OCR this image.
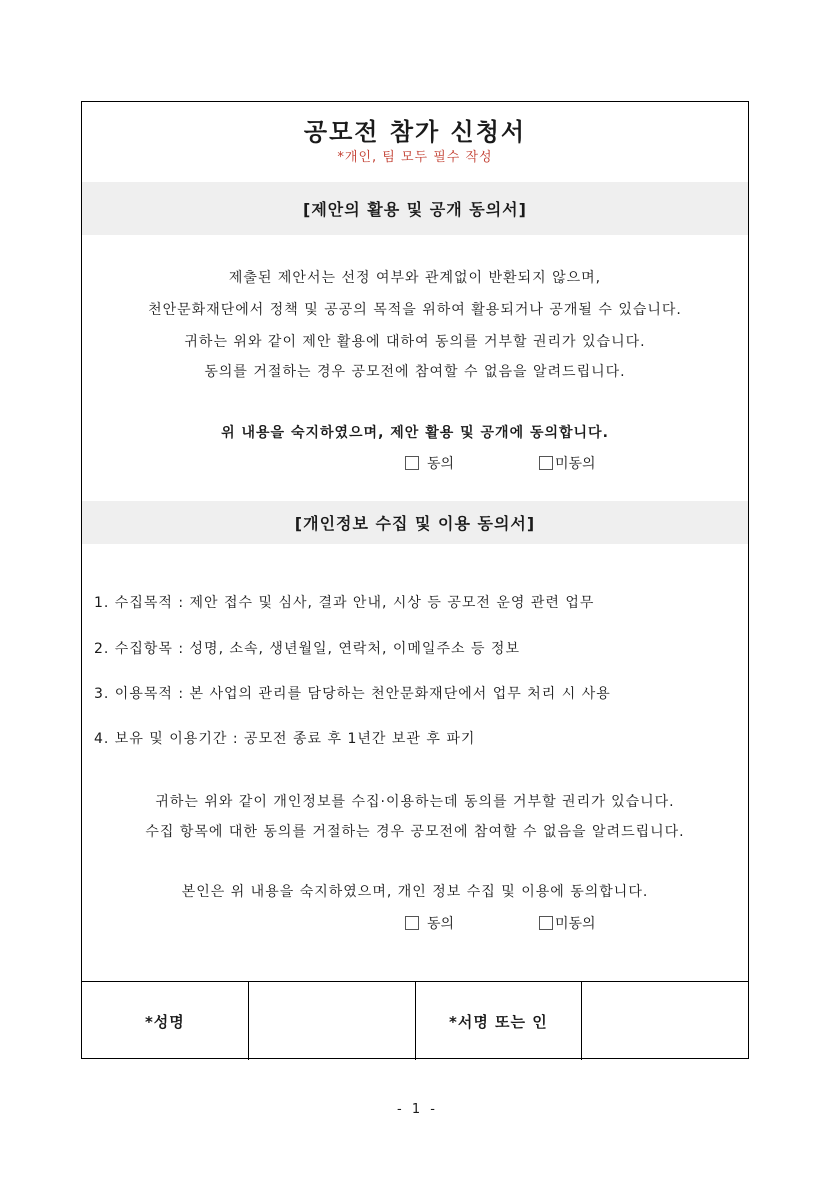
공모전 참가 신청서
*개인, 팀 모두 필수 작성
[제안의 활용 및 공개 동의서]
제출된 제안서는 선정 여부와 관계없이 반환되지 않으며,
천안문화재단에서 정책 및 공공의 목적을 위하여 활용되거나 공개될 수 있습니다.
귀하는 위와 같이 제안 활용에 대하여 동의를 거부할 권리가 있습니다.
동의를 거절하는 경우 공모전에 참여할 수 없음을 알려드립니다.
위 내용을 숙지하였으며, 제안 활용 및 공개에 동의합니다.
동의	미동의
[개인정보 수집 및 이용 동의서]
1. 수집목적 : 제안 접수 및 심사, 결과 안내, 시상 등 공모전 운영 관련 업무
2. 수집항목 : 성명, 소속, 생년월일, 연락처, 이메일주소 등 정보
3. 이용목적 : 본 사업의 관리를 담당하는 천안문화재단에서 업무 처리 시 사용
4. 보유 및 이용기간 : 공모전 종료 후 1년간 보관 후 파기
귀하는 위와 같이 개인정보를 수집·이용하는데 동의를 거부할 권리가 있습니다.
수집 항목에 대한 동의를 거절하는 경우 공모전에 참여할 수 없음을 알려드립니다.
본인은 위 내용을 숙지하였으며, 개인 정보 수집 및 이용에 동의합니다.
동의	미동의
*성명	*서명 또는 인
- 1 -
